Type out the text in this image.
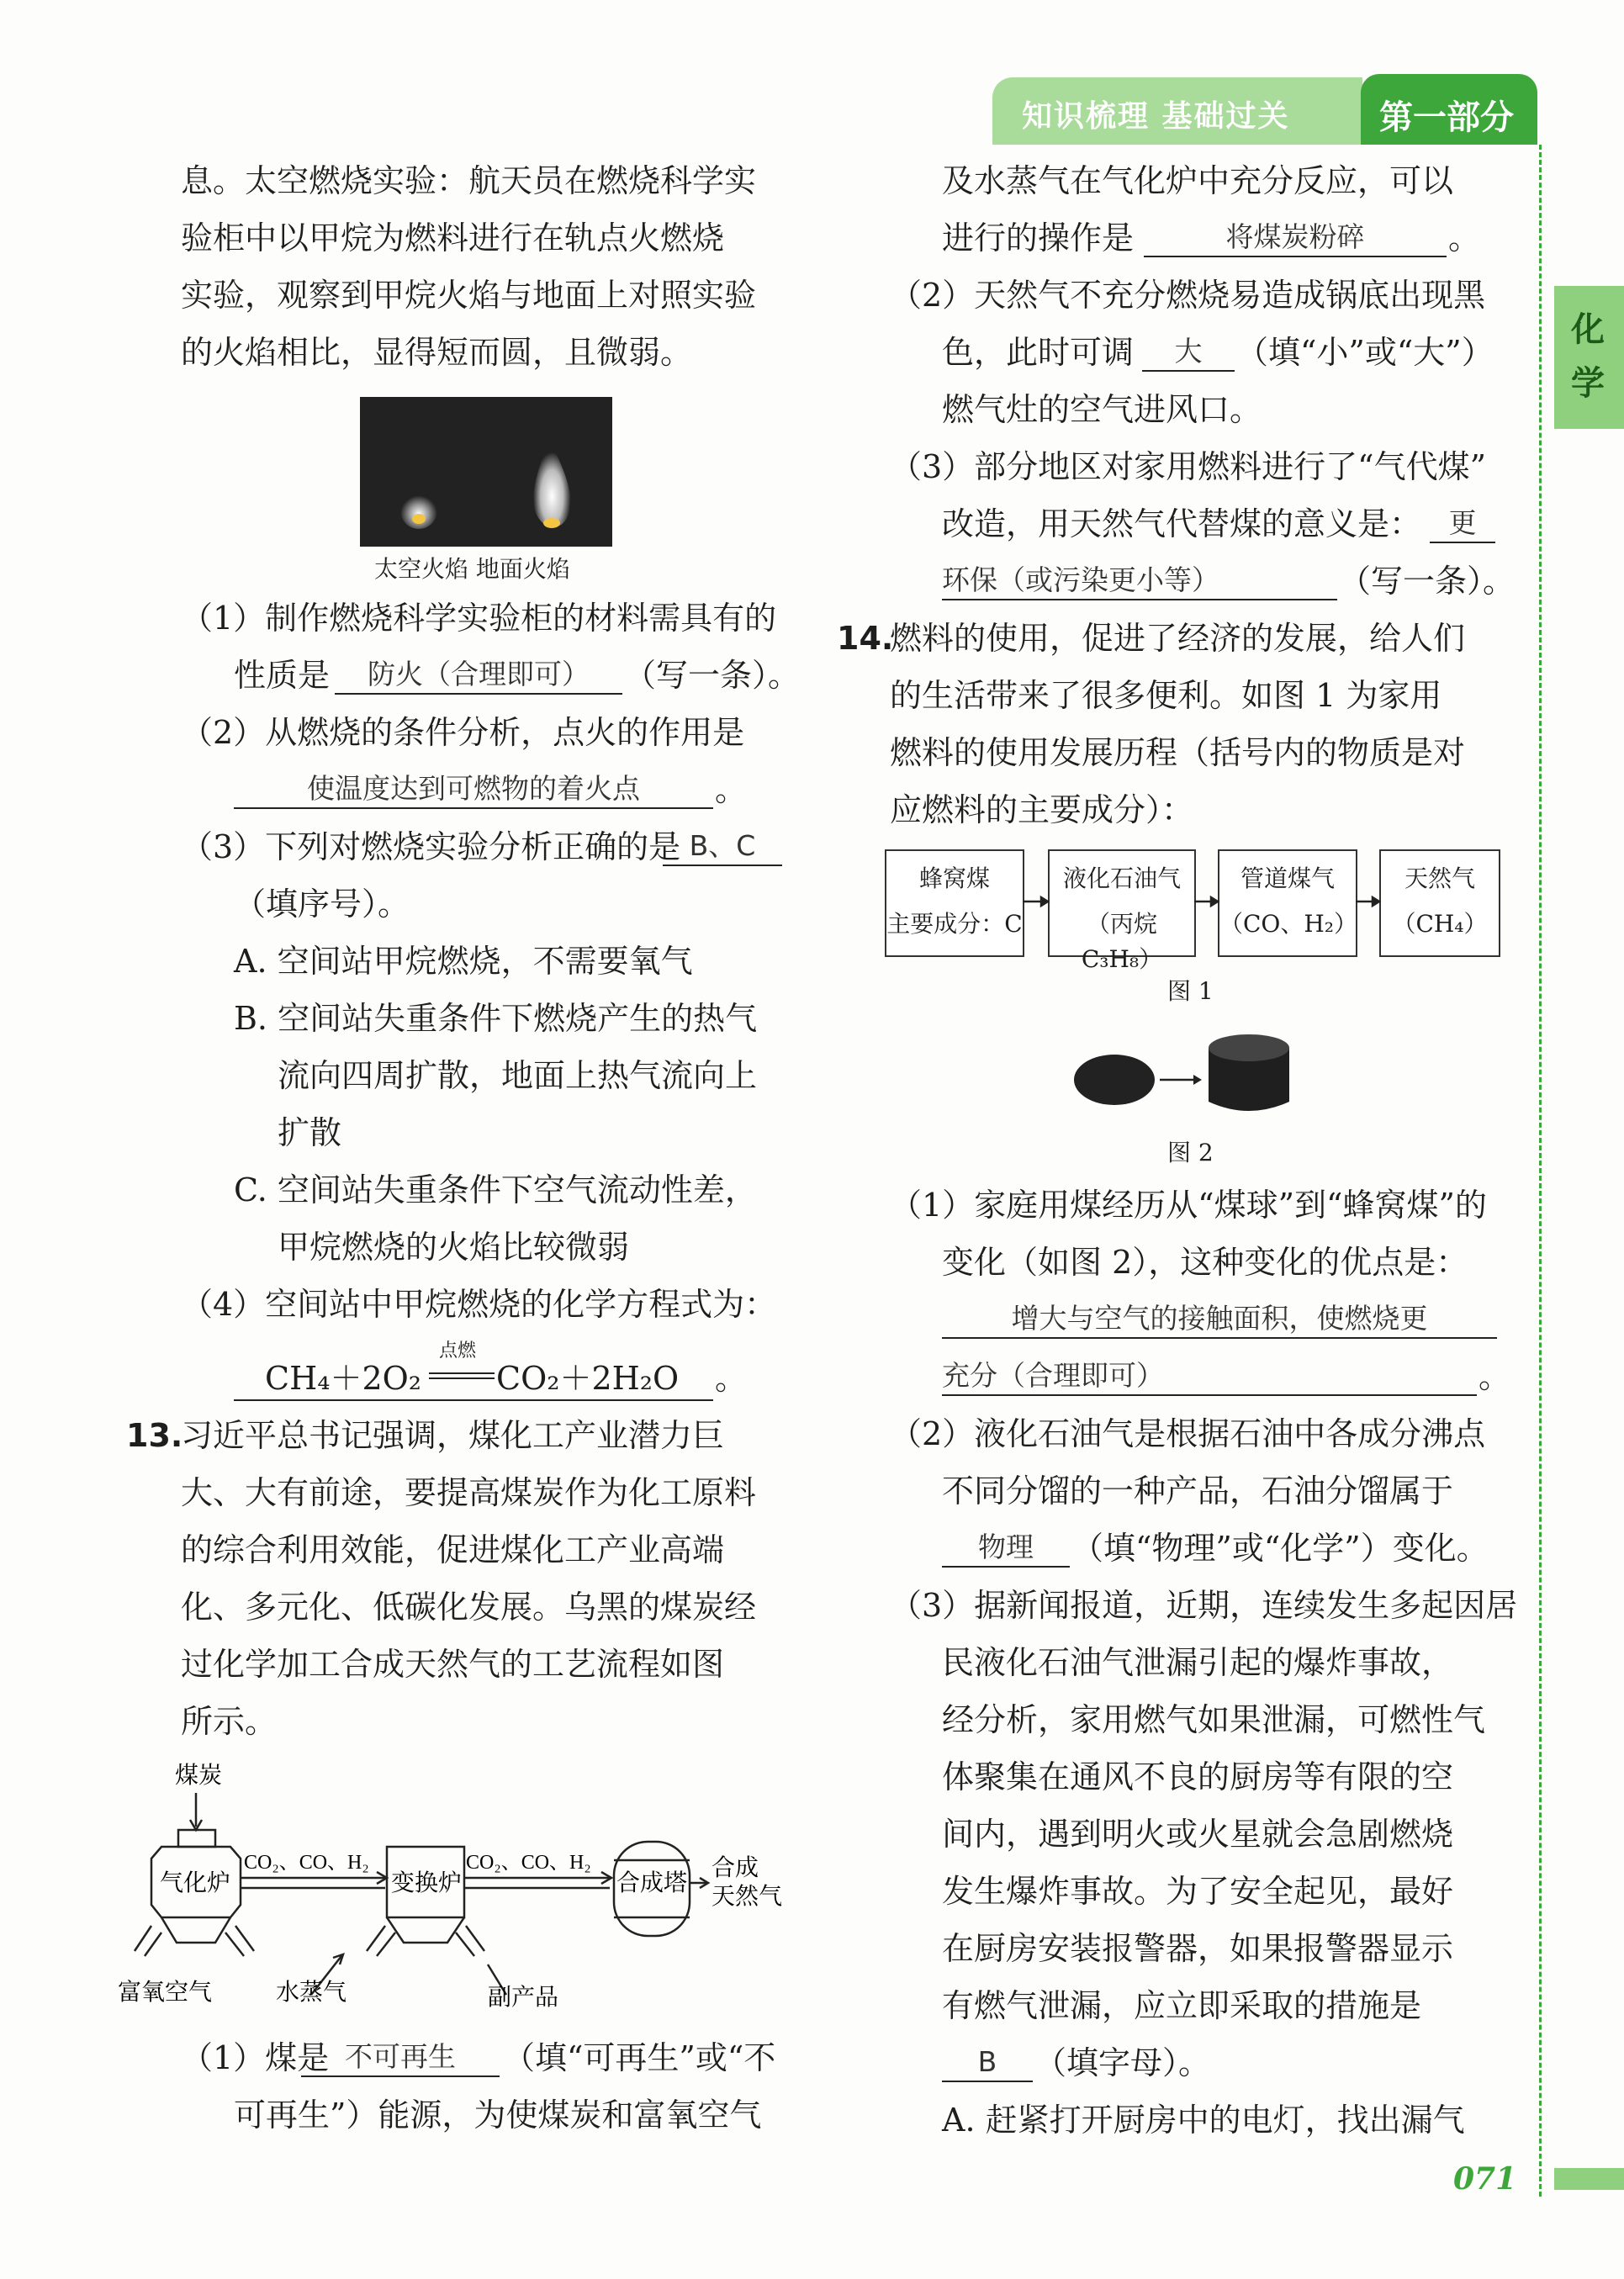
知识梳理 基础过关	第一部分
化学
息。太空燃烧实验：航天员在燃烧科学实
验柜中以甲烷为燃料进行在轨点火燃烧
实验，观察到甲烷火焰与地面上对照实验
的火焰相比，显得短而圆，且微弱。
太空火焰 地面火焰
（1）制作燃烧科学实验柜的材料需具有的
性质是	防火（合理即可）	（写一条）。
（2）从燃烧的条件分析，点火的作用是
使温度达到可燃物的着火点	。
（3）下列对燃烧实验分析正确的是 B、C
（填序号）。
A. 空间站甲烷燃烧，不需要氧气
B. 空间站失重条件下燃烧产生的热气
流向四周扩散，地面上热气流向上
扩散
C. 空间站失重条件下空气流动性差，
甲烷燃烧的火焰比较微弱
（4）空间站中甲烷燃烧的化学方程式为：
CH₄＋2O₂
点燃
CO₂＋2H₂O 。
13.
习近平总书记强调，煤化工产业潜力巨
大、大有前途，要提高煤炭作为化工原料
的综合利用效能，促进煤化工产业高端
化、多元化、低碳化发展。乌黑的煤炭经
过化学加工合成天然气的工艺流程如图
所示。
煤炭
气化炉	变换炉	合成塔
CO₂、CO、H₂	CO₂、CO、H₂	合成
天然气
富氧空气	水蒸气	副产品
（1）煤是 不可再生	（填“可再生”或“不
可再生”）能源，为使煤炭和富氧空气
及水蒸气在气化炉中充分反应，可以
进行的操作是	将煤炭粉碎	。
（2）天然气不充分燃烧易造成锅底出现黑
色，此时可调	大	（填“小”或“大”）
燃气灶的空气进风口。
（3）部分地区对家用燃料进行了“气代煤”
改造，用天然气代替煤的意义是： 更
环保（或污染更小等）	（写一条）。
14.
燃料的使用，促进了经济的发展，给人们
的生活带来了很多便利。如图 1 为家用
燃料的使用发展历程（括号内的物质是对
应燃料的主要成分）：
蜂窝煤
主要成分：C
液化石油气
（丙烷 C₃H₈）
管道煤气
（CO、H₂）
天然气
（CH₄）
图 1
图 2
（1）家庭用煤经历从“煤球”到“蜂窝煤”的
变化（如图 2），这种变化的优点是：
增大与空气的接触面积，使燃烧更
充分（合理即可）	。
（2）液化石油气是根据石油中各成分沸点
不同分馏的一种产品，石油分馏属于
物理	（填“物理”或“化学”）变化。
（3）据新闻报道，近期，连续发生多起因居
民液化石油气泄漏引起的爆炸事故，
经分析，家用燃气如果泄漏，可燃性气
体聚集在通风不良的厨房等有限的空
间内，遇到明火或火星就会急剧燃烧
发生爆炸事故。为了安全起见，最好
在厨房安装报警器，如果报警器显示
有燃气泄漏，应立即采取的措施是
B	（填字母）。
A. 赶紧打开厨房中的电灯，找出漏气
071
